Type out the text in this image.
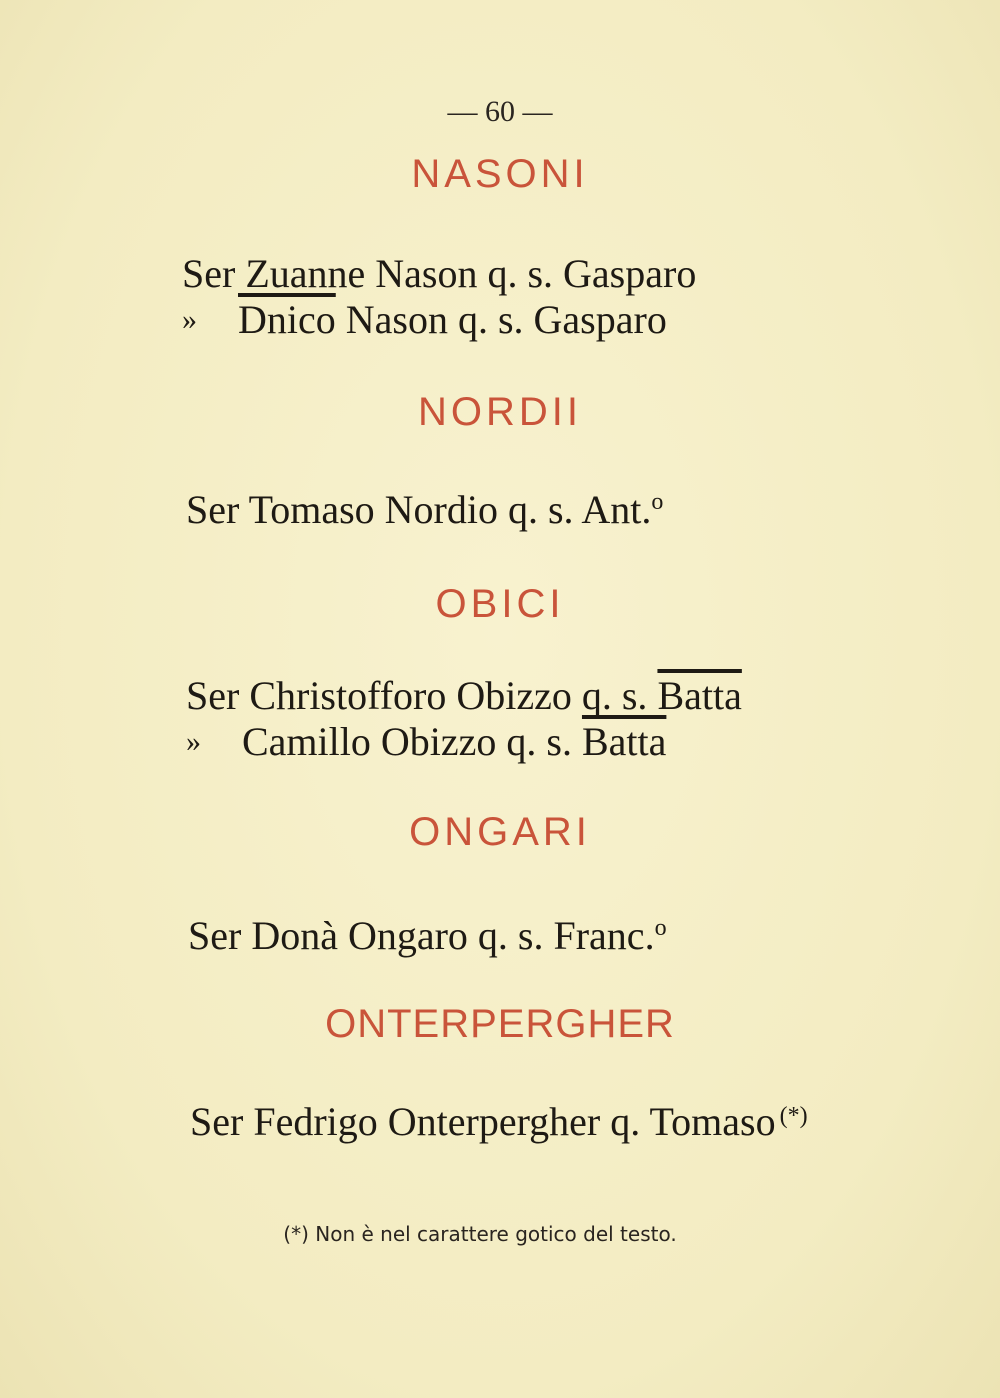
— 60 —
NASONI
Ser Zuanne Nason q. s. Gasparo
» Dnico Nason q. s. Gasparo
NORDII
Ser Tomaso Nordio q. s. Ant.$^o$
OBICI
Ser Christofforo Obizzo q. s. Batta
» Camillo Obizzo q. s. Batta
ONGARI
Ser Donà Ongaro q. s. Franc.$^o$
ONTERPERGHER
Ser Fedrigo Onterpergher q. Tomaso (*)
(*) Non è nel carattere gotico del testo.
